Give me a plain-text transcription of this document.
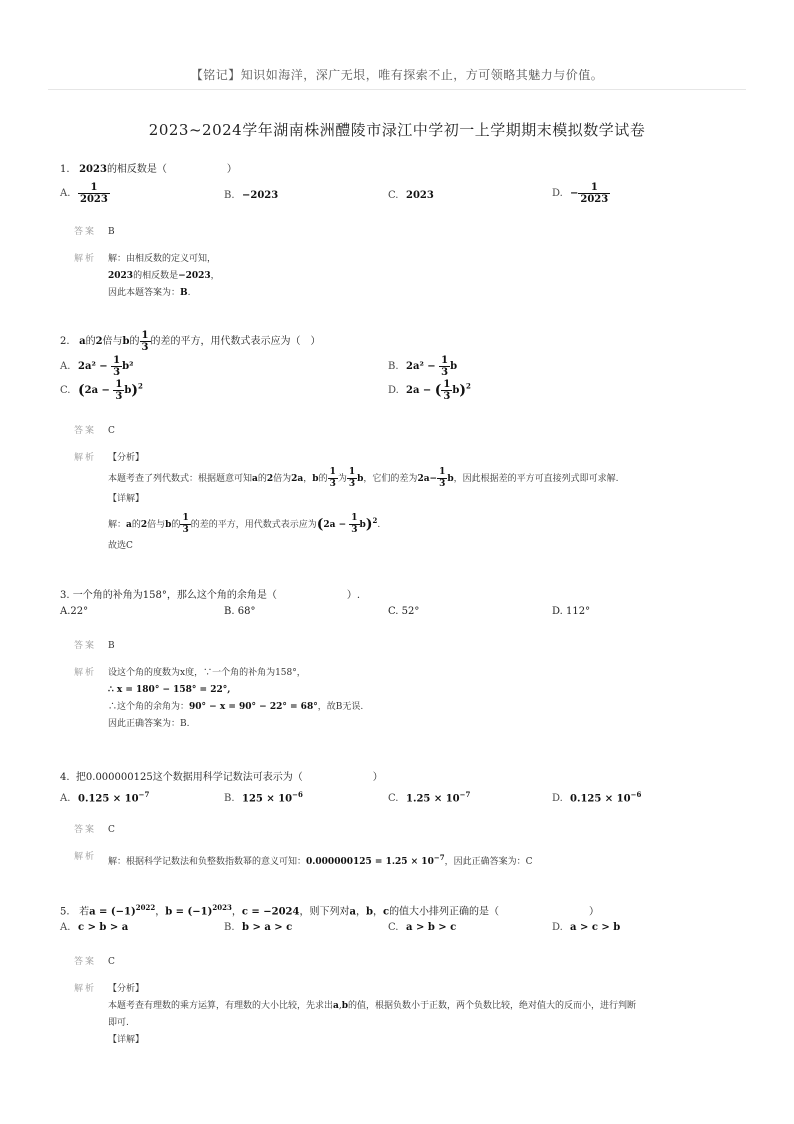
【铭记】知识如海洋，深广无垠，唯有探索不止，方可领略其魅力与价值。
2023~2024学年湖南株洲醴陵市渌江中学初一上学期期末模拟数学试卷
1. 2023的相反数是（　　　　　　）
A. $\frac{1}{2023}$	B. −2023	C. 2023	D. − $\frac{1}{2023}$
答案 B
解析 解：由相反数的定义可知，
2023的相反数是−2023，
因此本题答案为：B.
2. a的2倍与b的 $\frac{1}{3}$ 的差的平方，用代数式表示应为（　）
A. $2a^2 - \frac{1}{3} b^2$	B. $2a^2 - \frac{1}{3}$ b
C. $(2a - \frac{1}{3} b)^2$	D. 2a − ( $\frac{1}{3} b)^2$
答案 C
解析 【分析】
本题考查了列代数式：根据题意可知a的2倍为2a，b的 $\frac{1}{3}$ 为 $\frac{1}{3}$ b，它们的差为$2a- \frac{1}{3}$ b，因此根据差的平方可直接列式即可求解.
【详解】
解：a的2倍与b的 $\frac{1}{3}$ 的差的平方，用代数式表示应为$(2a - \frac{1}{3} b)^2$.
故选C
3. 一个角的补角为158°，那么这个角的余角是（　　　　　　　）.
A.22°	B. 68°	C. 52°	D. 112°
答案 B
解析 设这个角的度数为x度，∵一个角的补角为158°，
∴ x = 180° − 158° = 22°,
∴这个角的余角为：90° − x = 90° − 22° = 68°，故B无误.
因此正确答案为：B.
4. 把0.000000125这个数据用科学记数法可表示为（　　　　　　　）
A. $0.125 \times 10^{-7}$	B. $125 \times 10^{-6}$	C. $1.25 \times 10^{-7}$	D. $0.125 \times 10^{-6}$
答案 C
解析 解：根据科学记数法和负整数指数幂的意义可知：$0.000000125 = 1.25 \times 10^{-7}$，因此正确答案为：C
5. 若$a = (-1)^{2022}$，$b = (-1)^{2023}$，c = −2024，则下列对a，b，c的值大小排列正确的是（　　　　　　　　　）
A. c > b > a	B. b > a > c	C. a > b > c	D. a > c > b
答案 C
解析 【分析】
本题考查有理数的乘方运算，有理数的大小比较，先求出a,b的值，根据负数小于正数，两个负数比较，绝对值大的反而小，进行判断
即可.
【详解】
